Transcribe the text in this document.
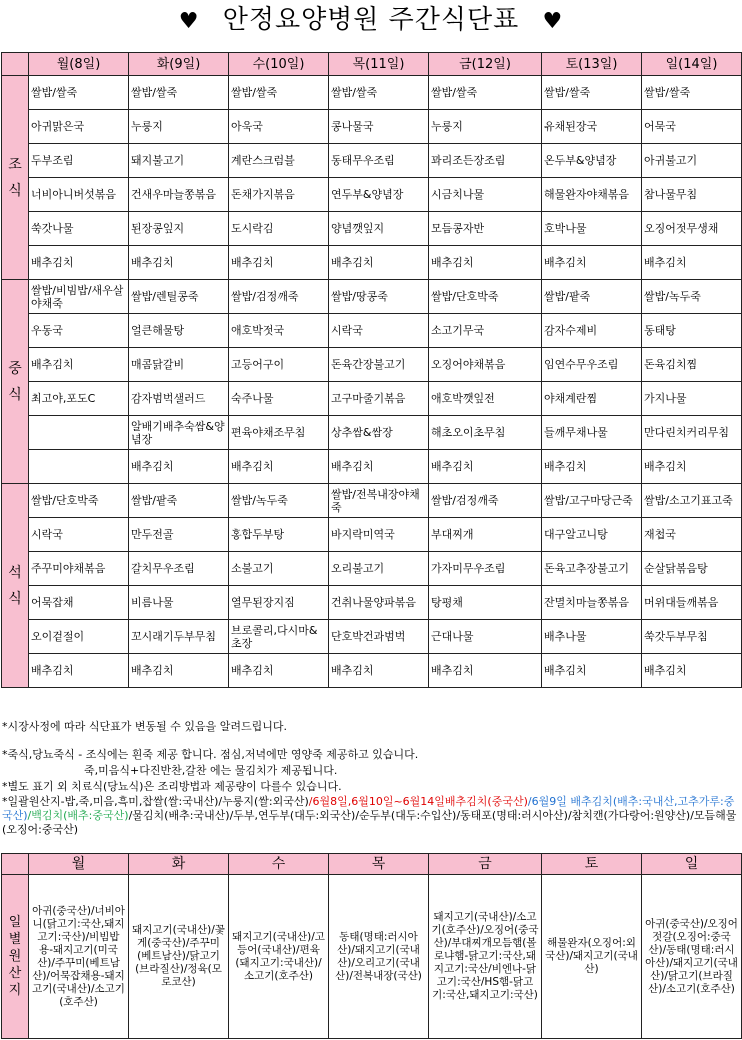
♥ 안정요양병원 주간식단표 ♥
	월(8일)	화(9일)	수(10일)	목(11일)	금(12일)	토(13일)	일(14일)

조
식	쌀밥/쌀죽	쌀밥/쌀죽	쌀밥/쌀죽	쌀밥/쌀죽	쌀밥/쌀죽	쌀밥/쌀죽	쌀밥/쌀죽
	아귀맑은국	누룽지	아욱국	콩나물국	누룽지	유채된장국	어묵국
	두부조림	돼지불고기	계란스크럼블	동태무우조림	꽈리조든장조림	온두부&양념장	아귀불고기
	너비아니버섯볶음	건새우마늘쫑볶음	돈채가지볶음	연두부&양념장	시금치나물	해물완자야채볶음	참나물무침
	쑥갓나물	된장콩잎지	도시락김	양념깻잎지	모듬콩자반	호박나물	오징어젓무생채
	배추김치	배추김치	배추김치	배추김치	배추김치	배추김치	배추김치

중
식	쌀밥/비빔밥/새우살야채죽	쌀밥/렌틸콩죽	쌀밥/검정깨죽	쌀밥/땅콩죽	쌀밥/단호박죽	쌀밥/팥죽	쌀밥/녹두죽
	우동국	얼큰해물탕	애호박젓국	시락국	소고기무국	감자수제비	동태탕
	배추김치	매콤닭갈비	고등어구이	돈육간장불고기	오징어야채볶음	임연수무우조림	돈육김치찜
	최고야,포도C	감자범벅샐러드	숙주나물	고구마줄기볶음	애호박깻잎전	야채계란찜	가지나물
		알배기배추숙쌈&양념장	편육야채조무침	상추쌈&쌈장	해초오이초무침	들깨무채나물	만다린치커리무침
		배추김치	배추김치	배추김치	배추김치	배추김치	배추김치

석
식	쌀밥/단호박죽	쌀밥/팥죽	쌀밥/녹두죽	쌀밥/전복내장야채죽	쌀밥/검정깨죽	쌀밥/고구마당근죽	쌀밥/소고기표고죽
	시락국	만두전골	홍합두부탕	바지락미역국	부대찌개	대구알고니탕	재첩국
	주꾸미야채볶음	갈치무우조림	소불고기	오리불고기	가자미무우조림	돈육고추장불고기	순살닭볶음탕
	어묵잡채	비름나물	열무된장지짐	건취나물양파볶음	탕평채	잔멸치마늘쫑볶음	머위대들깨볶음
	오이겉절이	꼬시래기두부무침	브로콜리,다시마&초장	단호박건과범벅	근대나물	배추나물	쑥갓두부무침
	배추김치	배추김치	배추김치	배추김치	배추김치	배추김치	배추김치
*시장사정에 따라 식단표가 변동될 수 있음을 알려드립니다.
*죽식,당뇨죽식 - 조식에는 흰죽 제공 합니다. 점심,저녁에만 영양죽 제공하고 있습니다.
죽,미음식+다진반찬,갈찬 에는 물김치가 제공됩니다.
*별도 표기 외 치료식(당뇨식)은 조리방법과 제공량이 다를수 있습니다.
*일괄원산지-밥,죽,미음,흑미,찹쌀(쌀:국내산)/누룽지(쌀:외국산)/6월8일,6월10일~6월14일배추김치(중국산)/6월9일 배추김치(배추:국내산,고추가루:중국산)/백김치(배추:중국산)/물김치(배추:국내산)/두부,연두부(대두:외국산)/순두부(대두:수입산)/동태포(명태:러시아산)/참치캔(가다랑어:원양산)/모듬해물(오징어:중국산)
	월	화	수	목	금	토	일

일
별
원
산
지	아귀(중국산)/너비아니(닭고기:국산,돼지고기:국산)/비빔밥용-돼지고기(미국산)/주꾸미(베트남산)/어묵잡채용-돼지고기(국내산)/소고기(호주산)	돼지고기(국내산)/꽃게(중국산)/주꾸미(베트남산)/닭고기(브라질산)/정육(모로코산)	돼지고기(국내산)/고등어(국내산)/편육(돼지고기:국내산)/소고기(호주산)	동태(명태:러시아산)/돼지고기(국내산)/오리고기(국내산)/전복내장(국산)	돼지고기(국내산)/소고기(호주산)/오징어(중국산)/부대찌개모듬햄(볼로냐햄-닭고기:국산,돼지고기:국산/비엔나-닭고기:국산/HS햄-닭고기:국산,돼지고기:국산)	해물완자(오징어:외국산)/돼지고기(국내산)	아귀(중국산)/오징어젓갈(오징어:중국산)/동태(명태:러시아산)/돼지고기(국내산)/닭고기(브라질산)/소고기(호주산)
